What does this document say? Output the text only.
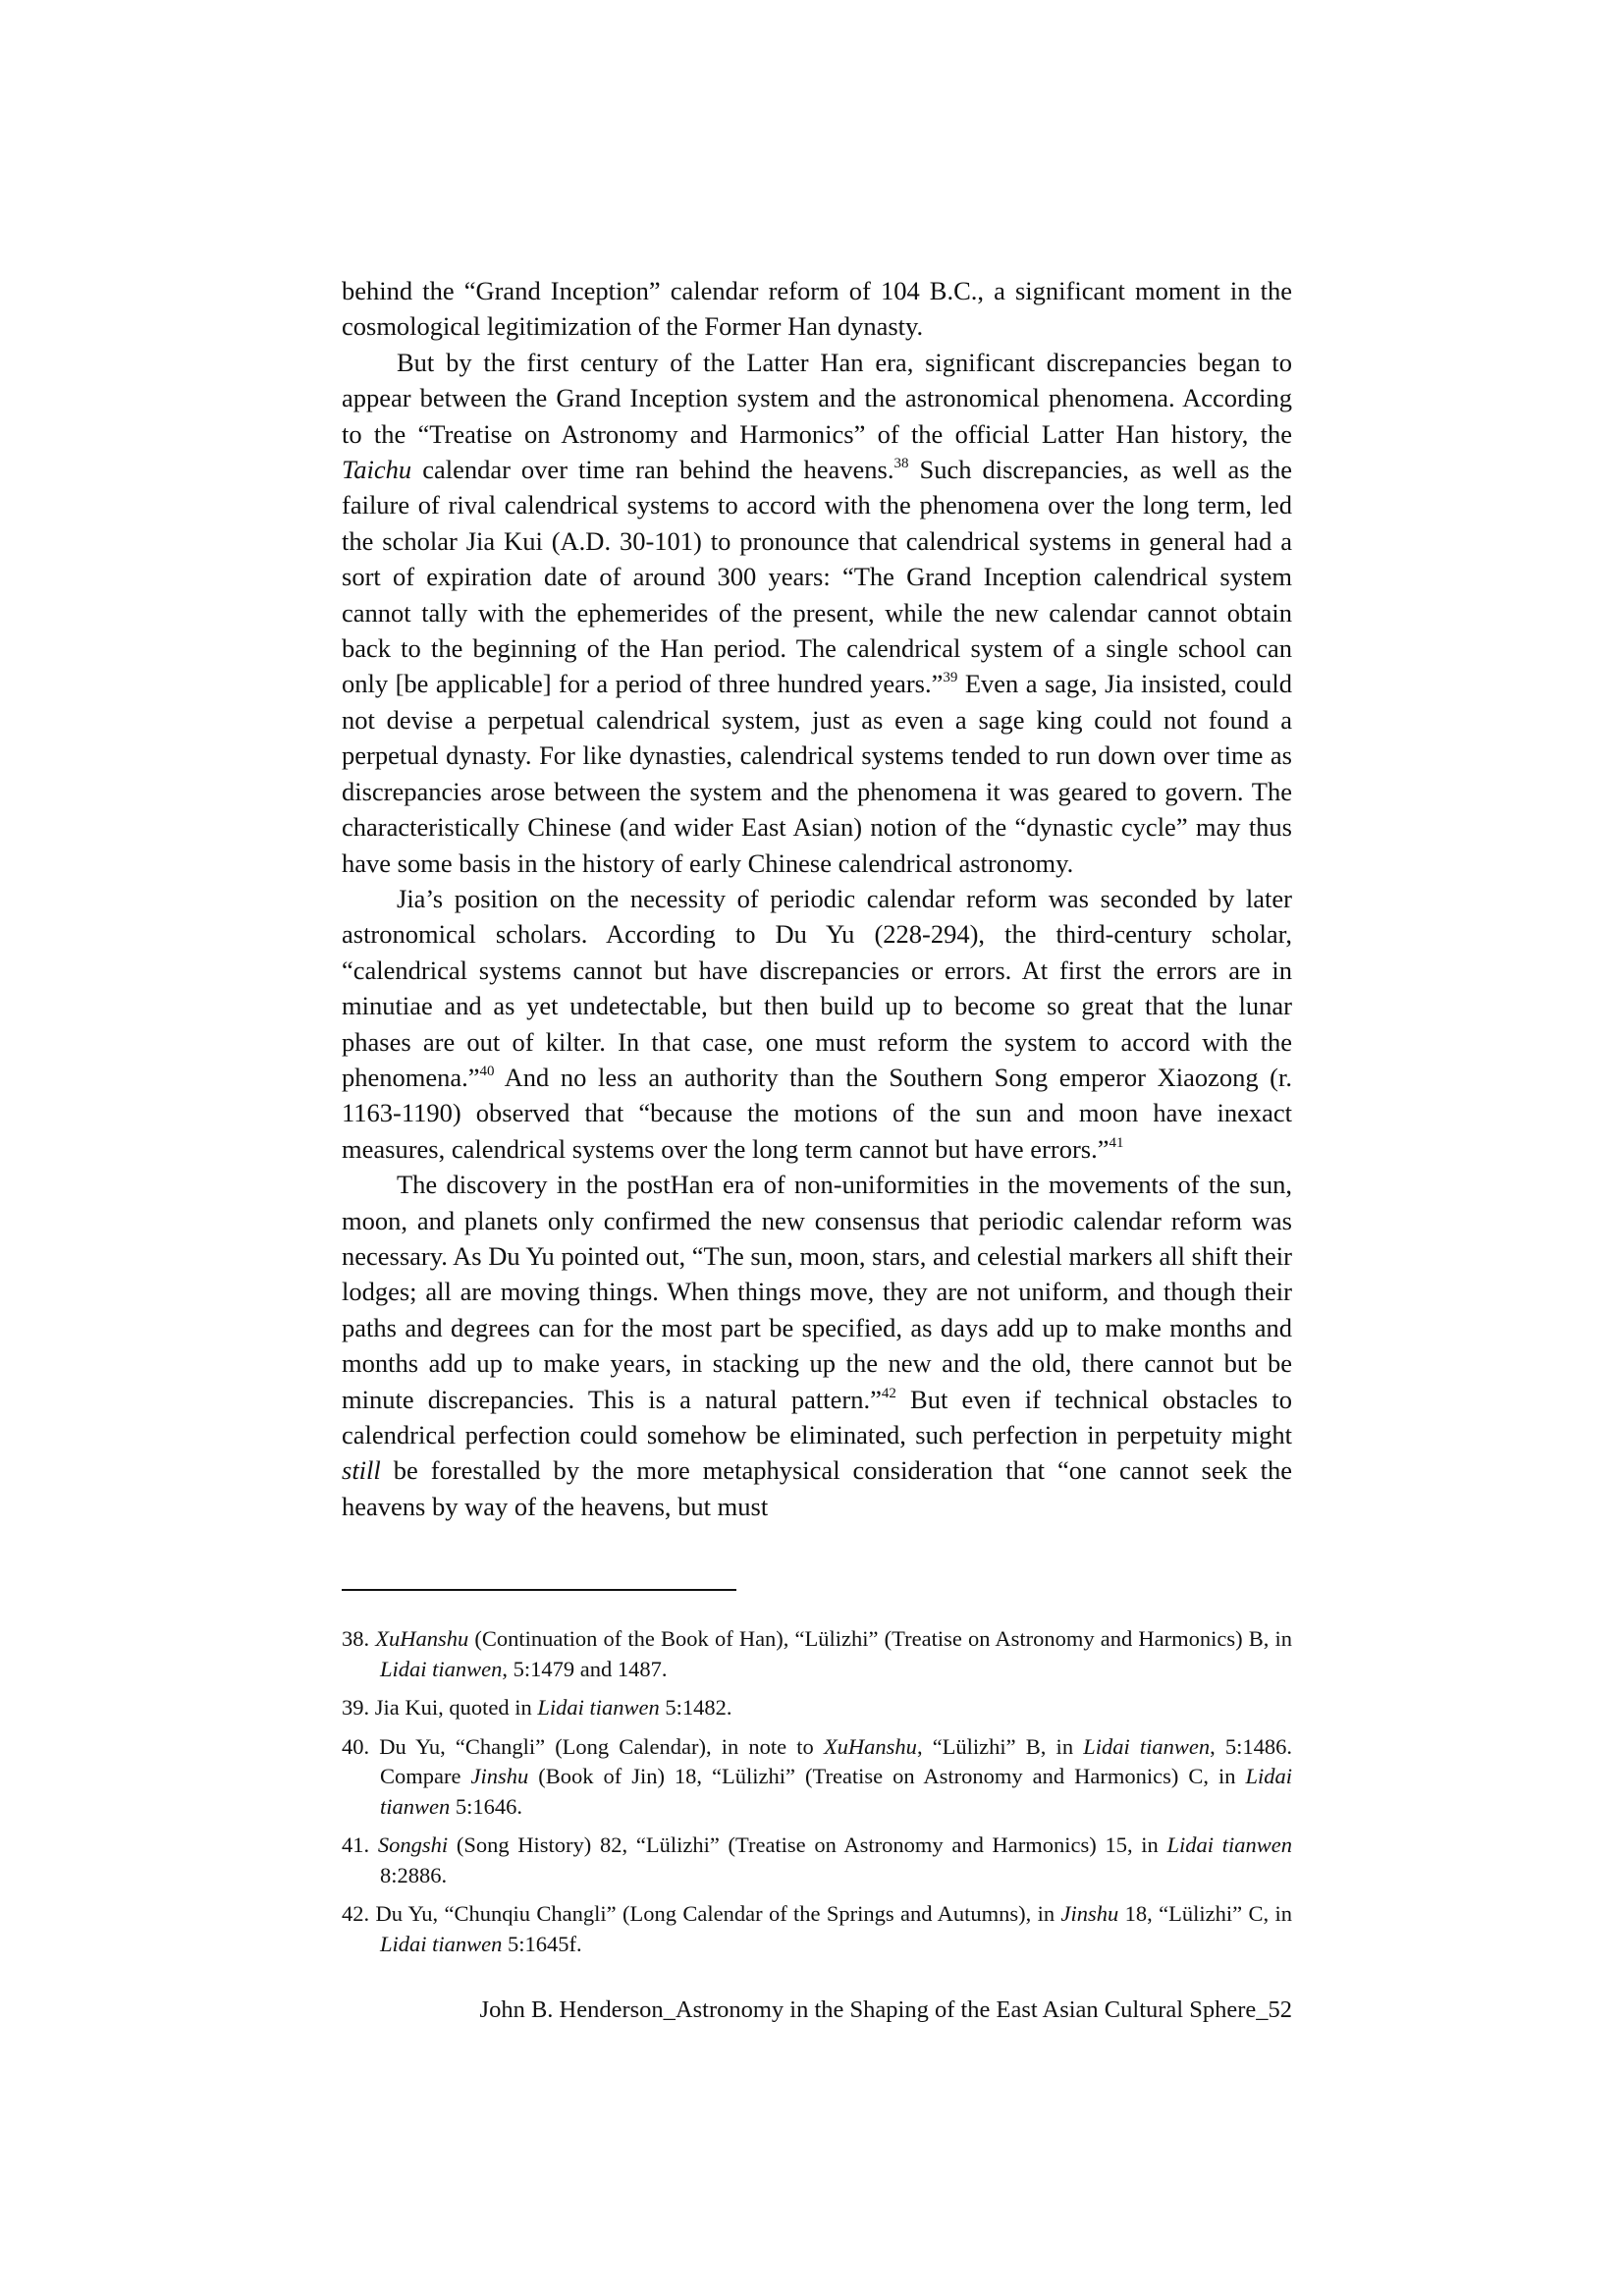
behind the “Grand Inception” calendar reform of 104 B.C., a significant moment in the cosmological legitimization of the Former Han dynasty.

But by the first century of the Latter Han era, significant discrepancies began to appear between the Grand Inception system and the astronomical phenomena. According to the “Treatise on Astronomy and Harmonics” of the official Latter Han history, the Taichu calendar over time ran behind the heavens.$^{38}$ Such discrepancies, as well as the failure of rival calendrical systems to accord with the phenomena over the long term, led the scholar Jia Kui (A.D. 30-101) to pronounce that calendrical systems in general had a sort of expiration date of around 300 years: “The Grand Inception calendrical system cannot tally with the ephemerides of the present, while the new calendar cannot obtain back to the beginning of the Han period. The calendrical system of a single school can only [be applicable] for a period of three hundred years.”$^{39}$ Even a sage, Jia insisted, could not devise a perpetual calendrical system, just as even a sage king could not found a perpetual dynasty. For like dynasties, calendrical systems tended to run down over time as discrepancies arose between the system and the phenomena it was geared to govern. The characteristically Chinese (and wider East Asian) notion of the “dynastic cycle” may thus have some basis in the history of early Chinese calendrical astronomy.

Jia’s position on the necessity of periodic calendar reform was seconded by later astronomical scholars. According to Du Yu (228-294), the third-century scholar, “calendrical systems cannot but have discrepancies or errors. At first the errors are in minutiae and as yet undetectable, but then build up to become so great that the lunar phases are out of kilter. In that case, one must reform the system to accord with the phenomena.”$^{40}$ And no less an authority than the Southern Song emperor Xiaozong (r. 1163-1190) observed that “because the motions of the sun and moon have inexact measures, calendrical systems over the long term cannot but have errors.”$^{41}$

The discovery in the postHan era of non-uniformities in the movements of the sun, moon, and planets only confirmed the new consensus that periodic calendar reform was necessary. As Du Yu pointed out, “The sun, moon, stars, and celestial markers all shift their lodges; all are moving things. When things move, they are not uniform, and though their paths and degrees can for the most part be specified, as days add up to make months and months add up to make years, in stacking up the new and the old, there cannot but be minute discrepancies. This is a natural pattern.”$^{42}$ But even if technical obstacles to calendrical perfection could somehow be eliminated, such perfection in perpetuity might still be forestalled by the more metaphysical consideration that “one cannot seek the heavens by way of the heavens, but must

38. XuHanshu (Continuation of the Book of Han), “Lülizhi” (Treatise on Astronomy and Harmonics) B, in Lidai tianwen, 5:1479 and 1487.

39. Jia Kui, quoted in Lidai tianwen 5:1482.

40. Du Yu, “Changli” (Long Calendar), in note to XuHanshu, “Lülizhi” B, in Lidai tianwen, 5:1486. Compare Jinshu (Book of Jin) 18, “Lülizhi” (Treatise on Astronomy and Harmonics) C, in Lidai tianwen 5:1646.

41. Songshi (Song History) 82, “Lülizhi” (Treatise on Astronomy and Harmonics) 15, in Lidai tianwen 8:2886.

42. Du Yu, “Chunqiu Changli” (Long Calendar of the Springs and Autumns), in Jinshu 18, “Lülizhi” C, in Lidai tianwen 5:1645f.

John B. Henderson_Astronomy in the Shaping of the East Asian Cultural Sphere_52
